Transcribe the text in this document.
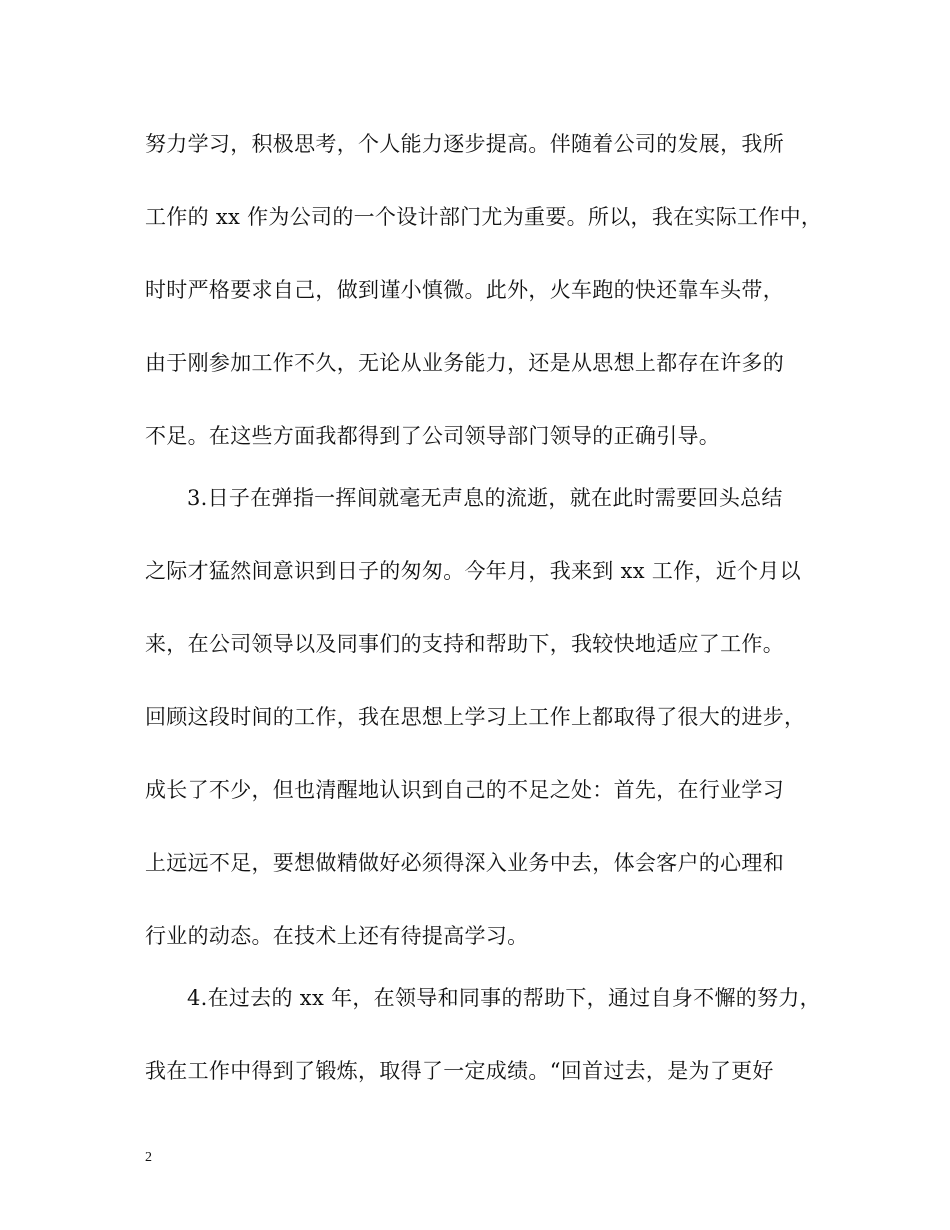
努力学习，积极思考，个人能力逐步提高。伴随着公司的发展，我所
工作的 xx 作为公司的一个设计部门尤为重要。所以，我在实际工作中，
时时严格要求自己，做到谨小慎微。此外，火车跑的快还靠车头带，
由于刚参加工作不久，无论从业务能力，还是从思想上都存在许多的
不足。在这些方面我都得到了公司领导部门领导的正确引导。
3.日子在弹指一挥间就毫无声息的流逝，就在此时需要回头总结
之际才猛然间意识到日子的匆匆。今年月，我来到 xx 工作，近个月以
来，在公司领导以及同事们的支持和帮助下，我较快地适应了工作。
回顾这段时间的工作，我在思想上学习上工作上都取得了很大的进步，
成长了不少，但也清醒地认识到自己的不足之处：首先，在行业学习
上远远不足，要想做精做好必须得深入业务中去，体会客户的心理和
行业的动态。在技术上还有待提高学习。
4.在过去的 xx 年，在领导和同事的帮助下，通过自身不懈的努力，
我在工作中得到了锻炼，取得了一定成绩。“回首过去，是为了更好
2
